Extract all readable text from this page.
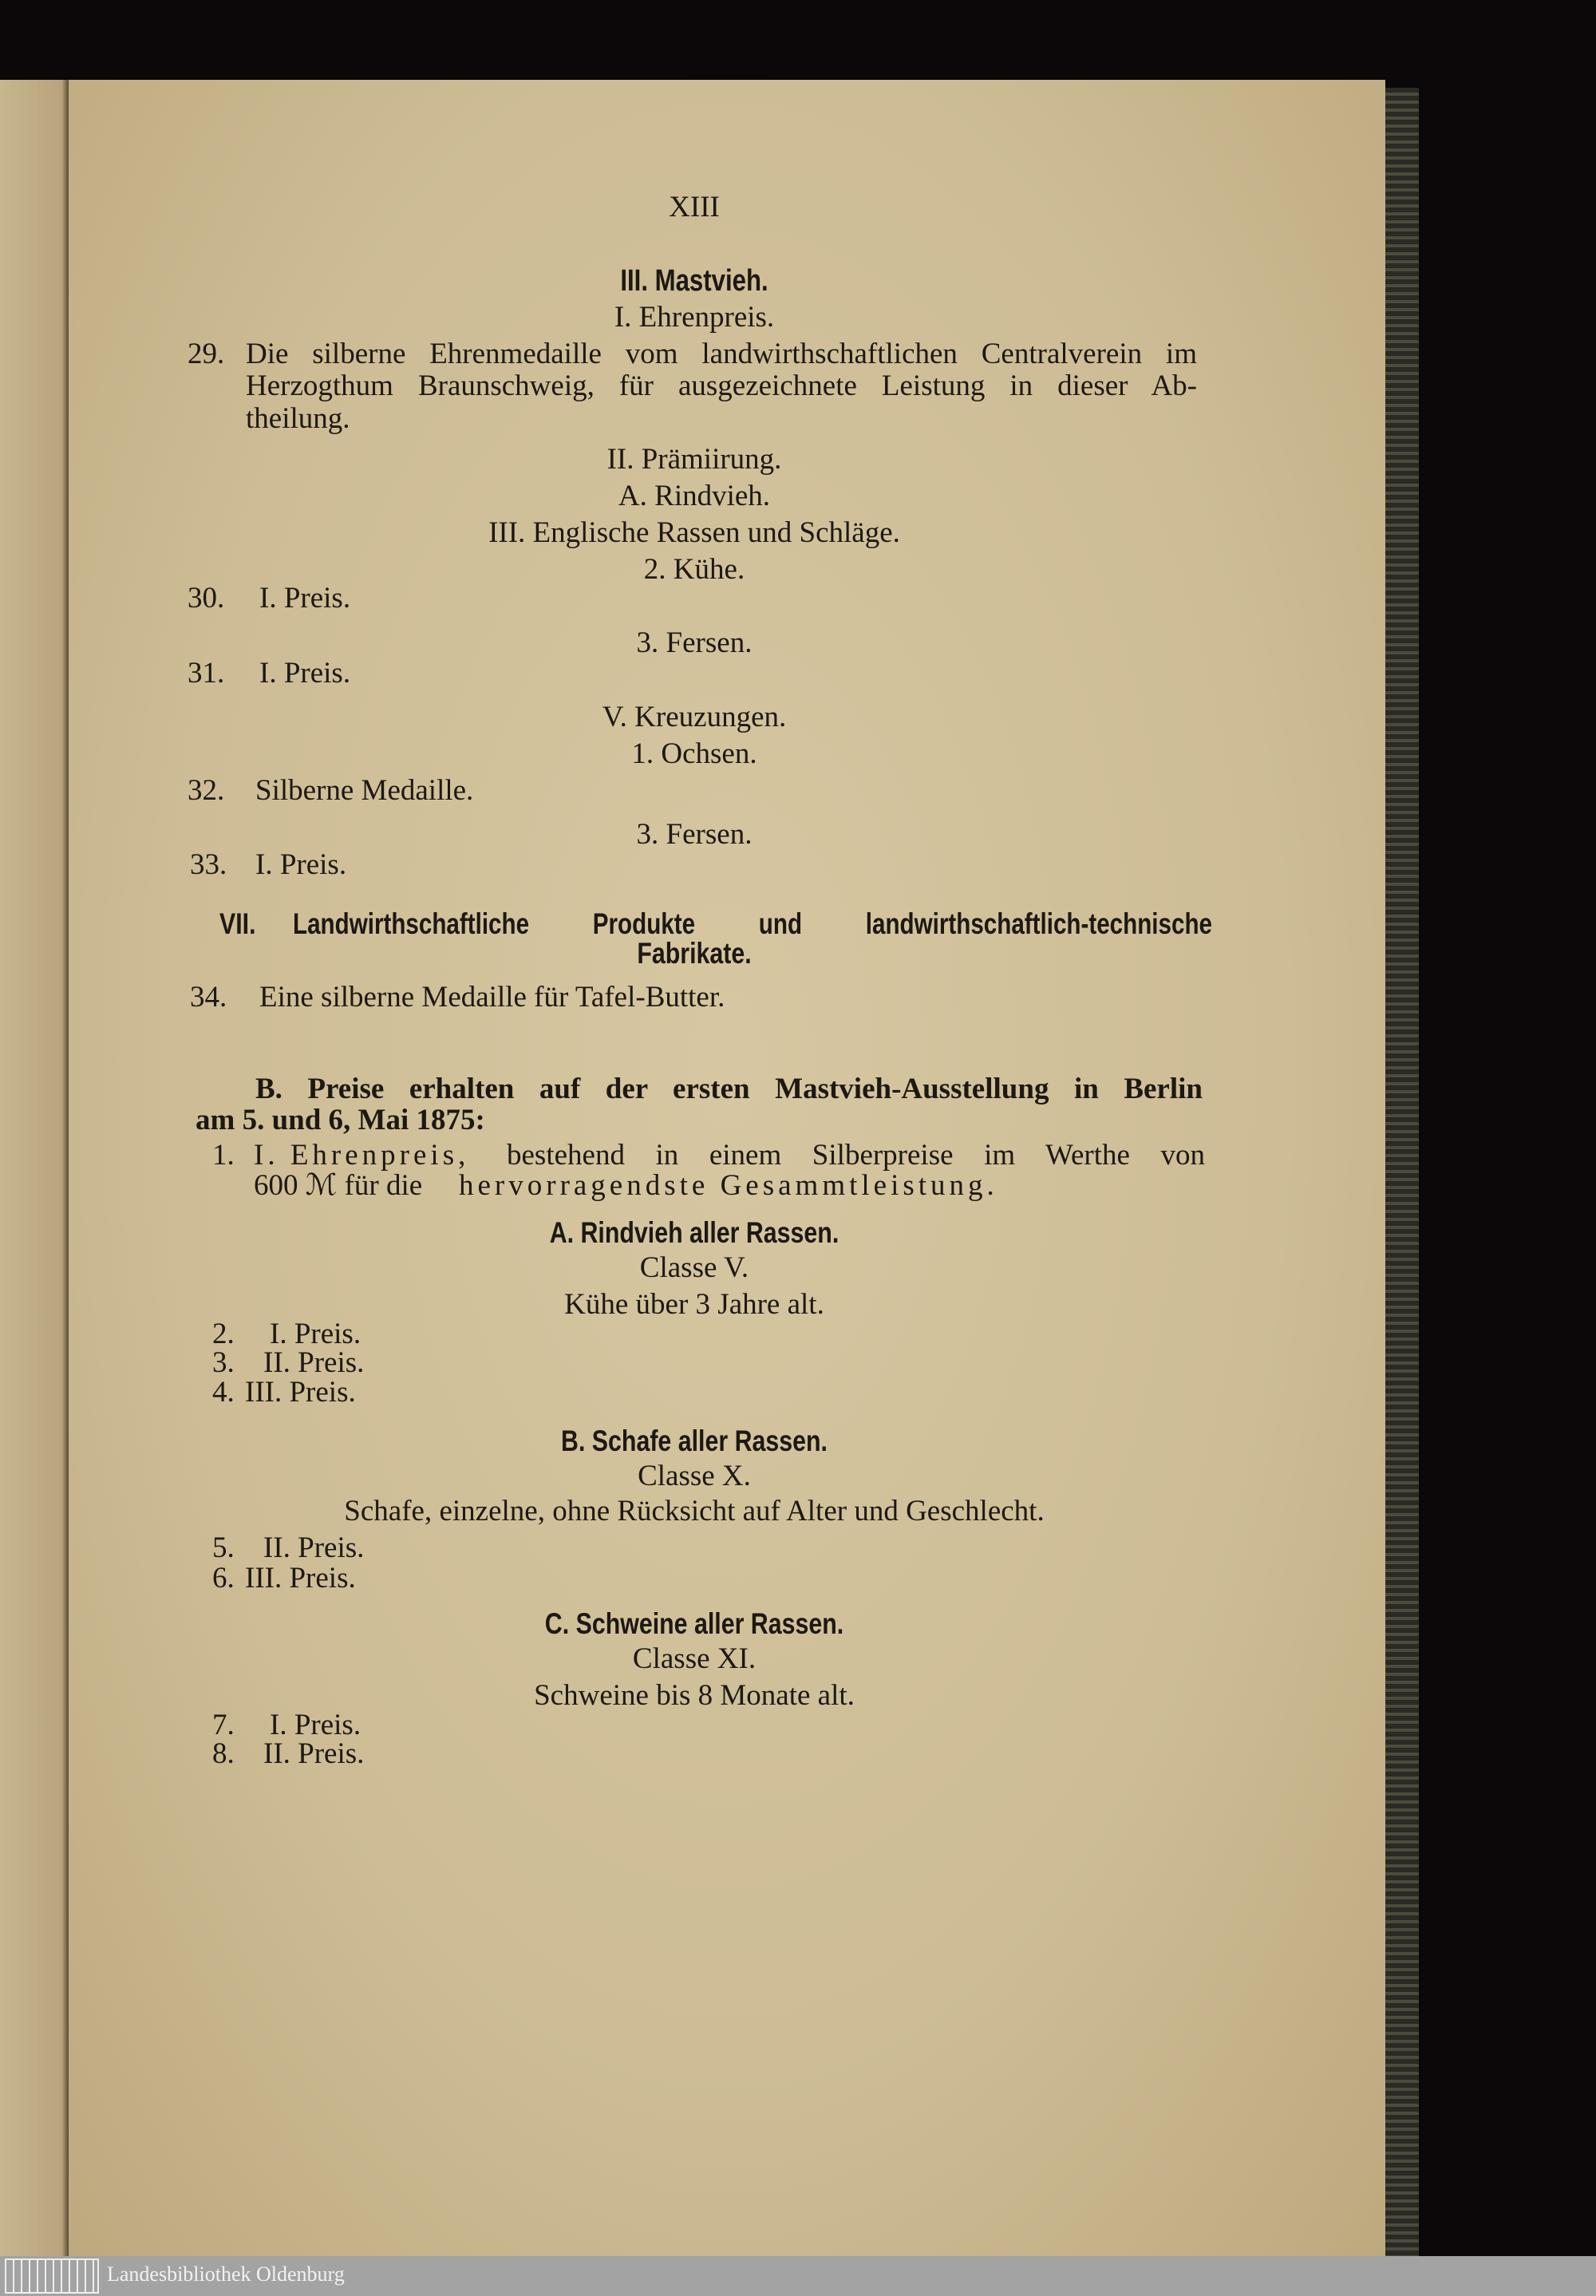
XIII
III. Mastvieh.
I. Ehrenpreis.
29. Die silberne Ehrenmedaille vom landwirthschaftlichen Centralverein im
Herzogthum Braunschweig, für ausgezeichnete Leistung in dieser Ab-
theilung.
II. Prämiirung.
A. Rindvieh.
III. Englische Rassen und Schläge.
2. Kühe.
30. I. Preis.
3. Fersen.
31. I. Preis.
V. Kreuzungen.
1. Ochsen.
32. Silberne Medaille.
3. Fersen.
33. I. Preis.
VII. Landwirthschaftliche Produkte und landwirthschaftlich-technische
Fabrikate.
34. Eine silberne Medaille für Tafel-Butter.
B. Preise erhalten auf der ersten Mastvieh-Ausstellung in Berlin
am 5. und 6, Mai 1875:
1. I. Ehrenpreis, bestehend in einem Silberpreise im Werthe von
600 ℳ für die hervorragendste Gesammtleistung.
A. Rindvieh aller Rassen.
Classe V.
Kühe über 3 Jahre alt.
2. I. Preis.
3. II. Preis.
4. III. Preis.
B. Schafe aller Rassen.
Classe X.
Schafe, einzelne, ohne Rücksicht auf Alter und Geschlecht.
5. II. Preis.
6. III. Preis.
C. Schweine aller Rassen.
Classe XI.
Schweine bis 8 Monate alt.
7. I. Preis.
8. II. Preis.
Landesbibliothek Oldenburg
